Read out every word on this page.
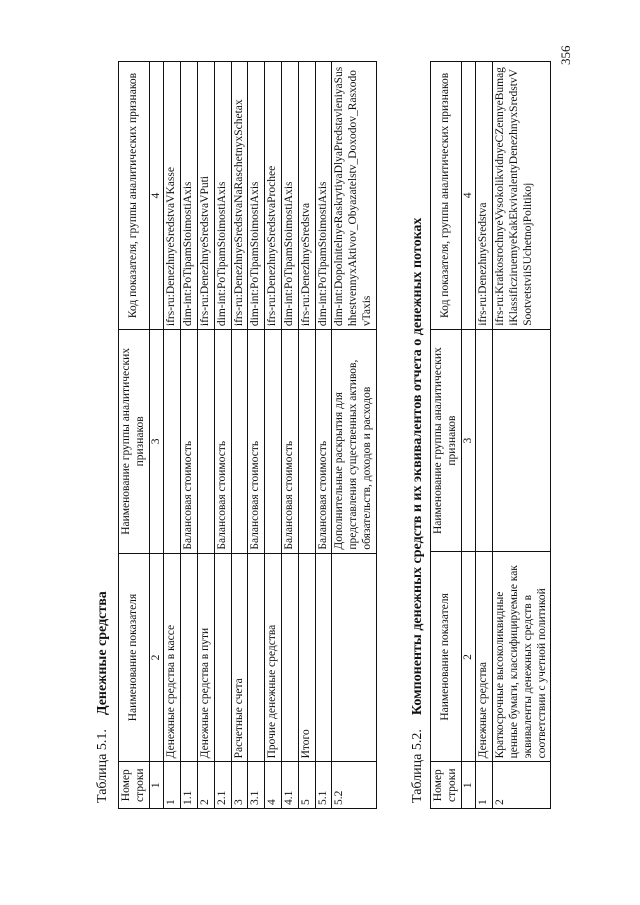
Таблица 5.1.Денежные средства
Номер строки	Наименование показателя	Наименование группы аналитических признаков	Код показателя, группы аналитических признаков
1	2	3	4
1	Денежные средства в кассе		ifrs-ru:DenezhnyeSredstvaVKasse
1.1		Балансовая стоимость	dim-int:PoTipamStoimostiAxis
2	Денежные средства в пути		ifrs-ru:DenezhnyeSredstvaVPuti
2.1		Балансовая стоимость	dim-int:PoTipamStoimostiAxis
3	Расчетные счета		ifrs-ru:DenezhnyeSredstvaNaRaschetnyxSchetax
3.1		Балансовая стоимость	dim-int:PoTipamStoimostiAxis
4	Прочие денежные средства		ifrs-ru:DenezhnyeSredstvaProchee
4.1		Балансовая стоимость	dim-int:PoTipamStoimostiAxis
5	Итого		ifrs-ru:DenezhnyeSredstva
5.1		Балансовая стоимость	dim-int:PoTipamStoimostiAxis
5.2		Дополнительные раскрытия для представления существенных активов, обязательств, доходов и расходов	dim-int:DopolnitelnyeRaskrytiyaDlyaPredstavleniyaSushhestvennyxAktivov_Obyazatelstv_Doxodov_RasxodovTaxis
Таблица 5.2.Компоненты денежных средств и их эквивалентов отчета о денежных потоках
Номер строки	Наименование показателя	Наименование группы аналитических признаков	Код показателя, группы аналитических признаков
1	2	3	4
1	Денежные средства		ifrs-ru:DenezhnyeSredstva
2	Краткосрочные высоколиквидные ценные бумаги, классифицируемые как эквиваленты денежных средств в соответствии с учетной политикой		ifrs-ru:KratkosrochnyeVysokolikvidnyeCZennyeBumagiKlassificziruemyeKakEkvivalentyDenezhnyxSredstvVSootvetstviiSUchetnojPolitikoj
356
